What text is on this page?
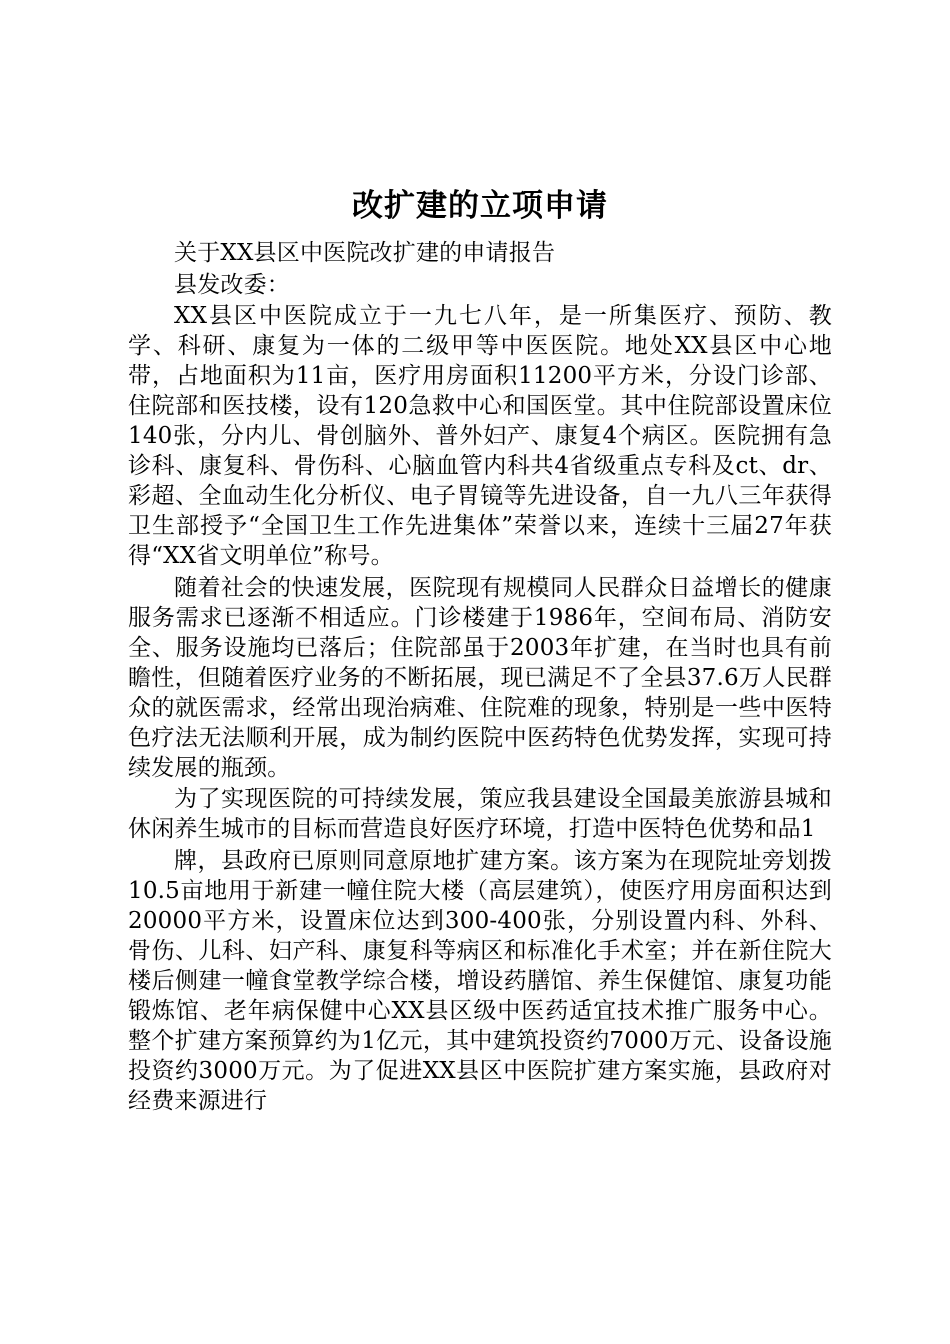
改扩建的立项申请

关于XX县区中医院改扩建的申请报告

县发改委：

XX县区中医院成立于一九七八年，是一所集医疗、预防、教学、科研、康复为一体的二级甲等中医医院。地处XX县区中心地带，占地面积为11亩，医疗用房面积11200平方米，分设门诊部、住院部和医技楼，设有120急救中心和国医堂。其中住院部设置床位140张，分内儿、骨创脑外、普外妇产、康复4个病区。医院拥有急诊科、康复科、骨伤科、心脑血管内科共4省级重点专科及ct、dr、彩超、全血动生化分析仪、电子胃镜等先进设备，自一九八三年获得卫生部授予“全国卫生工作先进集体”荣誉以来，连续十三届27年获得“XX省文明单位”称号。

随着社会的快速发展，医院现有规模同人民群众日益增长的健康服务需求已逐渐不相适应。门诊楼建于1986年，空间布局、消防安全、服务设施均已落后；住院部虽于2003年扩建，在当时也具有前瞻性，但随着医疗业务的不断拓展，现已满足不了全县37.6万人民群众的就医需求，经常出现治病难、住院难的现象，特别是一些中医特色疗法无法顺利开展，成为制约医院中医药特色优势发挥，实现可持续发展的瓶颈。

为了实现医院的可持续发展，策应我县建设全国最美旅游县城和休闲养生城市的目标而营造良好医疗环境，打造中医特色优势和品1

牌，县政府已原则同意原地扩建方案。该方案为在现院址旁划拨10.5亩地用于新建一幢住院大楼（高层建筑），使医疗用房面积达到20000平方米，设置床位达到300-400张，分别设置内科、外科、骨伤、儿科、妇产科、康复科等病区和标准化手术室；并在新住院大楼后侧建一幢食堂教学综合楼，增设药膳馆、养生保健馆、康复功能锻炼馆、老年病保健中心XX县区级中医药适宜技术推广服务中心。整个扩建方案预算约为1亿元，其中建筑投资约7000万元、设备设施投资约3000万元。为了促进XX县区中医院扩建方案实施，县政府对经费来源进行
